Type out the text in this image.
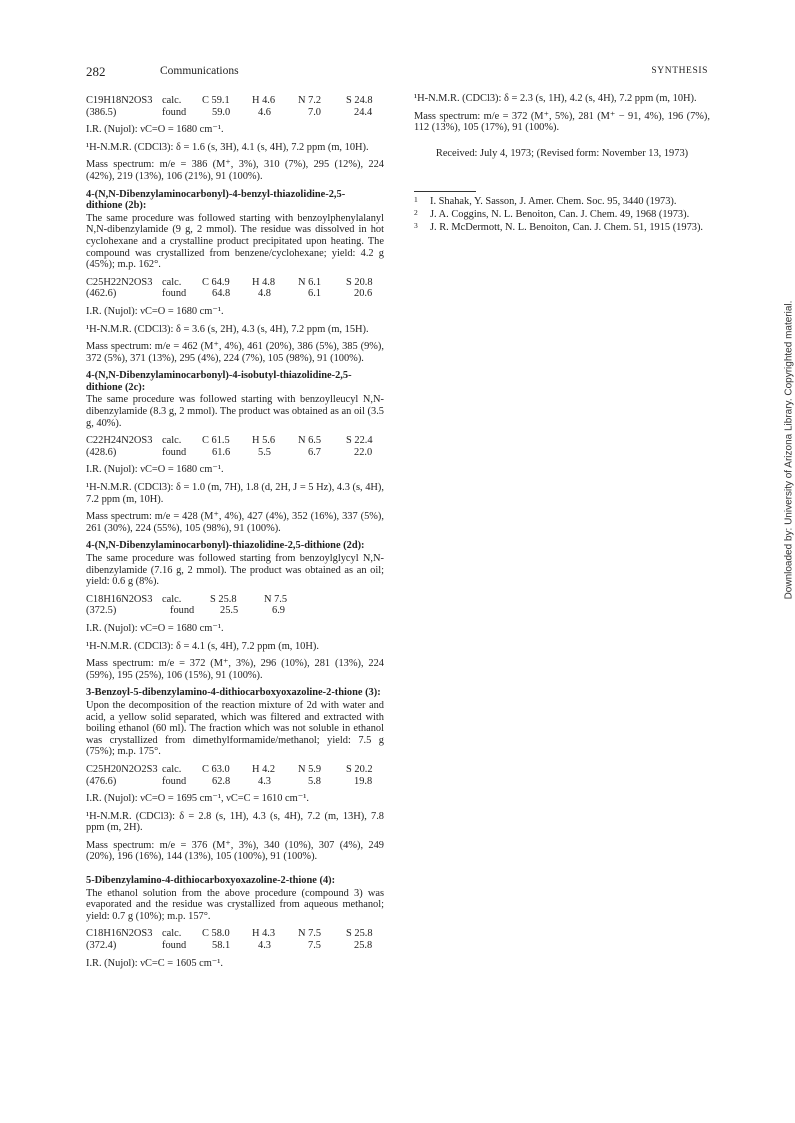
282	Communications	SYNTHESIS
C19H18N2OS3	calc.	C 59.1	H 4.6	N 7.2	S 24.8
(386.5)	found	59.0	4.6	7.0	24.4

I.R. (Nujol): νC=O = 1680 cm⁻¹.

¹H-N.M.R. (CDCl3): δ = 1.6 (s, 3H), 4.1 (s, 4H), 7.2 ppm (m, 10H).

Mass spectrum: m/e = 386 (M⁺, 3%), 310 (7%), 295 (12%), 224 (42%), 219 (13%), 106 (21%), 91 (100%).

4-(N,N-Dibenzylaminocarbonyl)-4-benzyl-thiazolidine-2,5-
dithione (2b):

The same procedure was followed starting with benzoylphenylalanyl N,N-dibenzylamide (9 g, 2 mmol). The residue was dissolved in hot cyclohexane and a crystalline product precipitated upon heating. The compound was crystallized from benzene/cyclohexane; yield: 4.2 g (45%); m.p. 162°.

C25H22N2OS3	calc.	C 64.9	H 4.8	N 6.1	S 20.8
(462.6)	found	64.8	4.8	6.1	20.6

I.R. (Nujol): νC=O = 1680 cm⁻¹.

¹H-N.M.R. (CDCl3): δ = 3.6 (s, 2H), 4.3 (s, 4H), 7.2 ppm (m, 15H).

Mass spectrum: m/e = 462 (M⁺, 4%), 461 (20%), 386 (5%), 385 (9%), 372 (5%), 371 (13%), 295 (4%), 224 (7%), 105 (98%), 91 (100%).

4-(N,N-Dibenzylaminocarbonyl)-4-isobutyl-thiazolidine-2,5-
dithione (2c):

The same procedure was followed starting with benzoylleucyl N,N-dibenzylamide (8.3 g, 2 mmol). The product was obtained as an oil (3.5 g, 40%).

C22H24N2OS3	calc.	C 61.5	H 5.6	N 6.5	S 22.4
(428.6)	found	61.6	5.5	6.7	22.0

I.R. (Nujol): νC=O = 1680 cm⁻¹.

¹H-N.M.R. (CDCl3): δ = 1.0 (m, 7H), 1.8 (d, 2H, J = 5 Hz), 4.3 (s, 4H), 7.2 ppm (m, 10H).

Mass spectrum: m/e = 428 (M⁺, 4%), 427 (4%), 352 (16%), 337 (5%), 261 (30%), 224 (55%), 105 (98%), 91 (100%).

4-(N,N-Dibenzylaminocarbonyl)-thiazolidine-2,5-dithione (2d):

The same procedure was followed starting from benzoylglycyl N,N-dibenzylamide (7.16 g, 2 mmol). The product was obtained as an oil; yield: 0.6 g (8%).

C18H16N2OS3	calc.	S 25.8	N 7.5
(372.5)	found	25.5	6.9

I.R. (Nujol): νC=O = 1680 cm⁻¹.

¹H-N.M.R. (CDCl3): δ = 4.1 (s, 4H), 7.2 ppm (m, 10H).

Mass spectrum: m/e = 372 (M⁺, 3%), 296 (10%), 281 (13%), 224 (59%), 195 (25%), 106 (15%), 91 (100%).

3-Benzoyl-5-dibenzylamino-4-dithiocarboxyoxazoline-2-thione (3):

Upon the decomposition of the reaction mixture of 2d with water and acid, a yellow solid separated, which was filtered and extracted with boiling ethanol (60 ml). The fraction which was not soluble in ethanol was crystallized from dimethylformamide/methanol; yield: 7.5 g (75%); m.p. 175°.

C25H20N2O2S3	calc.	C 63.0	H 4.2	N 5.9	S 20.2
(476.6)	found	62.8	4.3	5.8	19.8

I.R. (Nujol): νC=O = 1695 cm⁻¹, νC=C = 1610 cm⁻¹.

¹H-N.M.R. (CDCl3): δ = 2.8 (s, 1H), 4.3 (s, 4H), 7.2 (m, 13H), 7.8 ppm (m, 2H).

Mass spectrum: m/e = 376 (M⁺, 3%), 340 (10%), 307 (4%), 249 (20%), 196 (16%), 144 (13%), 105 (100%), 91 (100%).

5-Dibenzylamino-4-dithiocarboxyoxazoline-2-thione (4):

The ethanol solution from the above procedure (compound 3) was evaporated and the residue was crystallized from aqueous methanol; yield: 0.7 g (10%); m.p. 157°.

C18H16N2OS3	calc.	C 58.0	H 4.3	N 7.5	S 25.8
(372.4)	found	58.1	4.3	7.5	25.8

I.R. (Nujol): νC=C = 1605 cm⁻¹.

¹H-N.M.R. (CDCl3): δ = 2.3 (s, 1H), 4.2 (s, 4H), 7.2 ppm (m, 10H).

Mass spectrum: m/e = 372 (M⁺, 5%), 281 (M⁺ − 91, 4%), 196 (7%), 112 (13%), 105 (17%), 91 (100%).

Received: July 4, 1973; (Revised form: November 13, 1973)

1 I. Shahak, Y. Sasson, J. Amer. Chem. Soc. 95, 3440 (1973).

2 J. A. Coggins, N. L. Benoiton, Can. J. Chem. 49, 1968 (1973).

3 J. R. McDermott, N. L. Benoiton, Can. J. Chem. 51, 1915 (1973).

Downloaded by: University of Arizona Library. Copyrighted material.
